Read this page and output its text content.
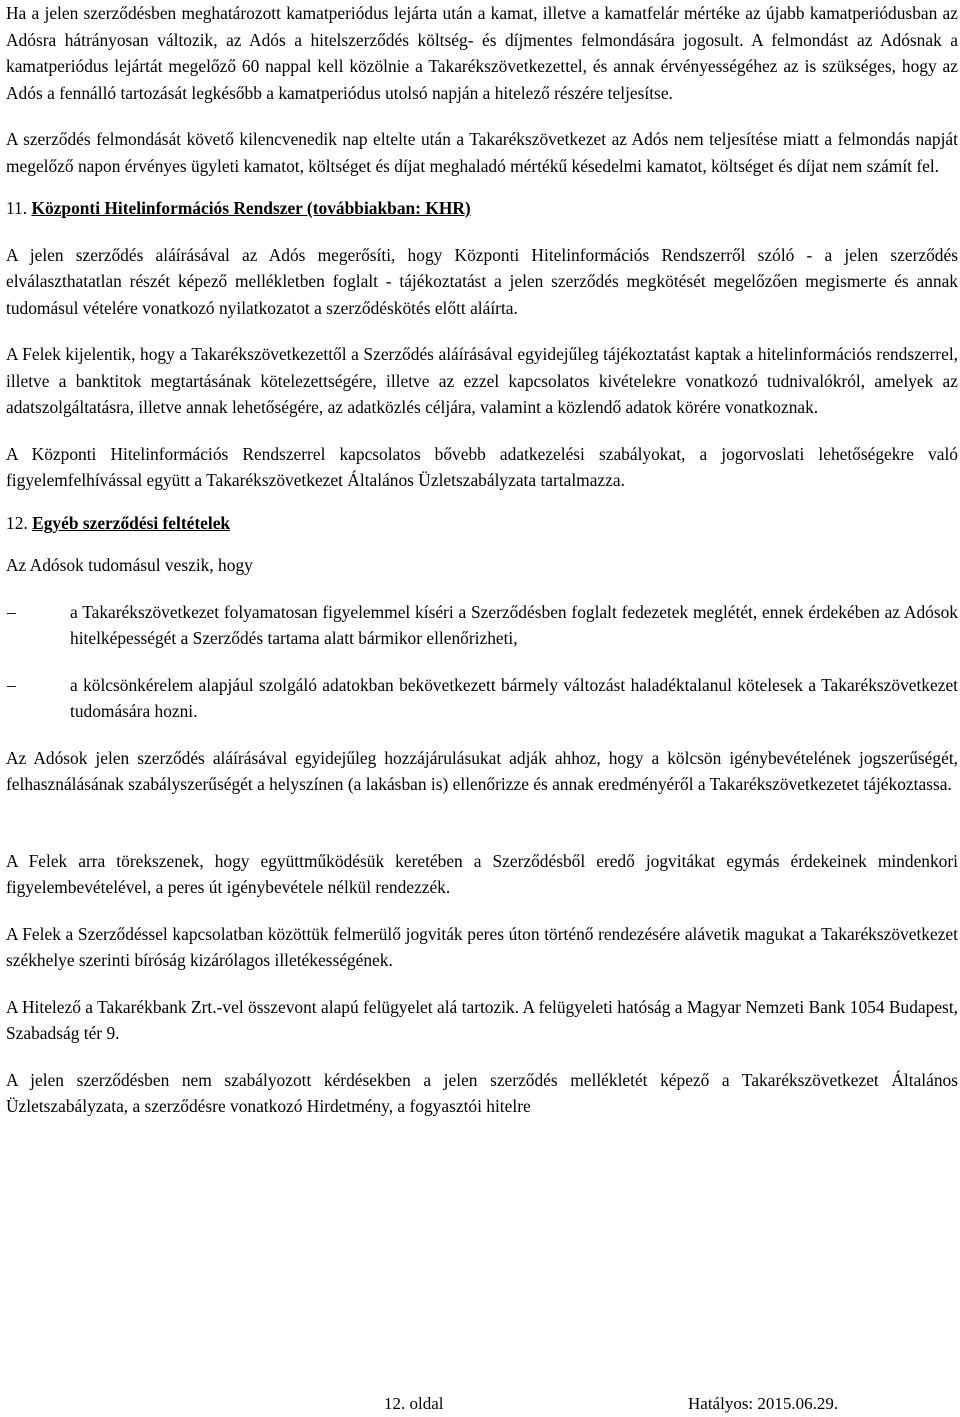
Ha a jelen szerződésben meghatározott kamatperiódus lejárta után a kamat, illetve a kamatfelár mértéke az újabb kamatperiódusban az Adósra hátrányosan változik, az Adós a hitelszerződés költség- és díjmentes felmondására jogosult. A felmondást az Adósnak a kamatperiódus lejártát megelőző 60 nappal kell közölnie a Takarékszövetkezettel, és annak érvényességéhez az is szükséges, hogy az Adós a fennálló tartozását legkésőbb a kamatperiódus utolsó napján a hitelező részére teljesítse.

A szerződés felmondását követő kilencvenedik nap eltelte után a Takarékszövetkezet az Adós nem teljesítése miatt a felmondás napját megelőző napon érvényes ügyleti kamatot, költséget és díjat meghaladó mértékű késedelmi kamatot, költséget és díjat nem számít fel.

11. Központi Hitelinformációs Rendszer (továbbiakban: KHR)

A jelen szerződés aláírásával az Adós megerősíti, hogy Központi Hitelinformációs Rendszerről szóló - a jelen szerződés elválaszthatatlan részét képező mellékletben foglalt - tájékoztatást a jelen szerződés megkötését megelőzően megismerte és annak tudomásul vételére vonatkozó nyilatkozatot a szerződéskötés előtt aláírta.

A Felek kijelentik, hogy a Takarékszövetkezettől a Szerződés aláírásával egyidejűleg tájékoztatást kaptak a hitelinformációs rendszerrel, illetve a banktitok megtartásának kötelezettségére, illetve az ezzel kapcsolatos kivételekre vonatkozó tudnivalókról, amelyek az adatszolgáltatásra, illetve annak lehetőségére, az adatközlés céljára, valamint a közlendő adatok körére vonatkoznak.

A Központi Hitelinformációs Rendszerrel kapcsolatos bővebb adatkezelési szabályokat, a jogorvoslati lehetőségekre való figyelemfelhívással együtt a Takarékszövetkezet Általános Üzletszabályzata tartalmazza.

12. Egyéb szerződési feltételek

Az Adósok tudomásul veszik, hogy

–	a Takarékszövetkezet folyamatosan figyelemmel kíséri a Szerződésben foglalt fedezetek meglétét, ennek érdekében az Adósok hitelképességét a Szerződés tartama alatt bármikor ellenőrizheti,
–	a kölcsönkérelem alapjául szolgáló adatokban bekövetkezett bármely változást haladéktalanul kötelesek a Takarékszövetkezet tudomására hozni.

Az Adósok jelen szerződés aláírásával egyidejűleg hozzájárulásukat adják ahhoz, hogy a kölcsön igénybevételének jogszerűségét, felhasználásának szabályszerűségét a helyszínen (a lakásban is) ellenőrizze és annak eredményéről a Takarékszövetkezetet tájékoztassa.

A Felek arra törekszenek, hogy együttműködésük keretében a Szerződésből eredő jogvitákat egymás érdekeinek mindenkori figyelembevételével, a peres út igénybevétele nélkül rendezzék.

A Felek a Szerződéssel kapcsolatban közöttük felmerülő jogviták peres úton történő rendezésére alávetik magukat a Takarékszövetkezet székhelye szerinti bíróság kizárólagos illetékességének.

A Hitelező a Takarékbank Zrt.-vel összevont alapú felügyelet alá tartozik. A felügyeleti hatóság a Magyar Nemzeti Bank 1054 Budapest, Szabadság tér 9.

A jelen szerződésben nem szabályozott kérdésekben a jelen szerződés mellékletét képező a Takarékszövetkezet Általános Üzletszabályzata, a szerződésre vonatkozó Hirdetmény, a fogyasztói hitelre

12. oldal	Hatályos: 2015.06.29.
